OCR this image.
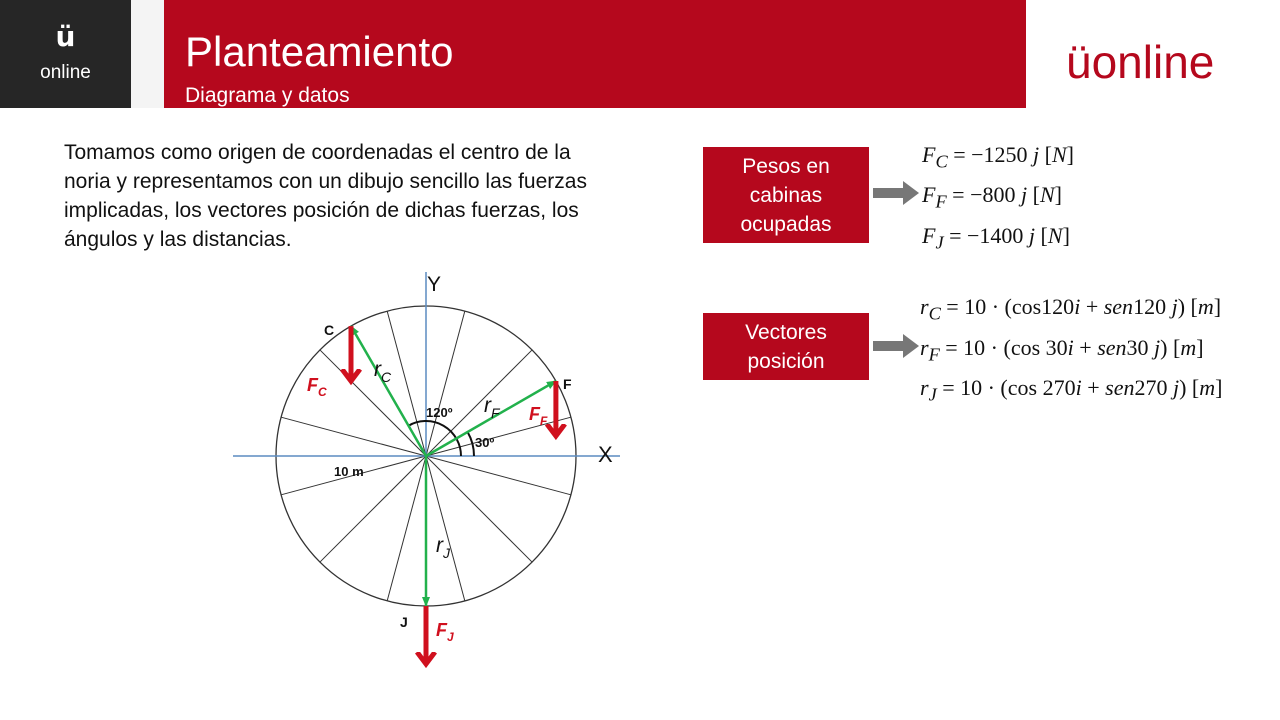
ü
online	Planteamiento
Diagrama y datos
üonline
Tomamos como origen de coordenadas el centro de la noria y representamos con un dibujo sencillo las fuerzas implicadas, los vectores posición de dichas fuerzas, los ángulos y las distancias.
X
Y
120º
30º
10 m
C
F
J
$r_C$
$r_F$
$r_J$
$F_C$
$F_F$
$F_J$
Pesos en cabinas ocupadas
$F_C = -1250$ j [N]
$F_F = -800$ j [N]
$F_J = -1400$ j [N]
Vectores posición
$r_C = 10 \cdot (\cos 120i + sen120$ j) [m]
$r_F = 10 \cdot (\cos$ 30i + sen30 j) [m]
$r_J = 10 \cdot (\cos$ 270i + sen270 j) [m]
